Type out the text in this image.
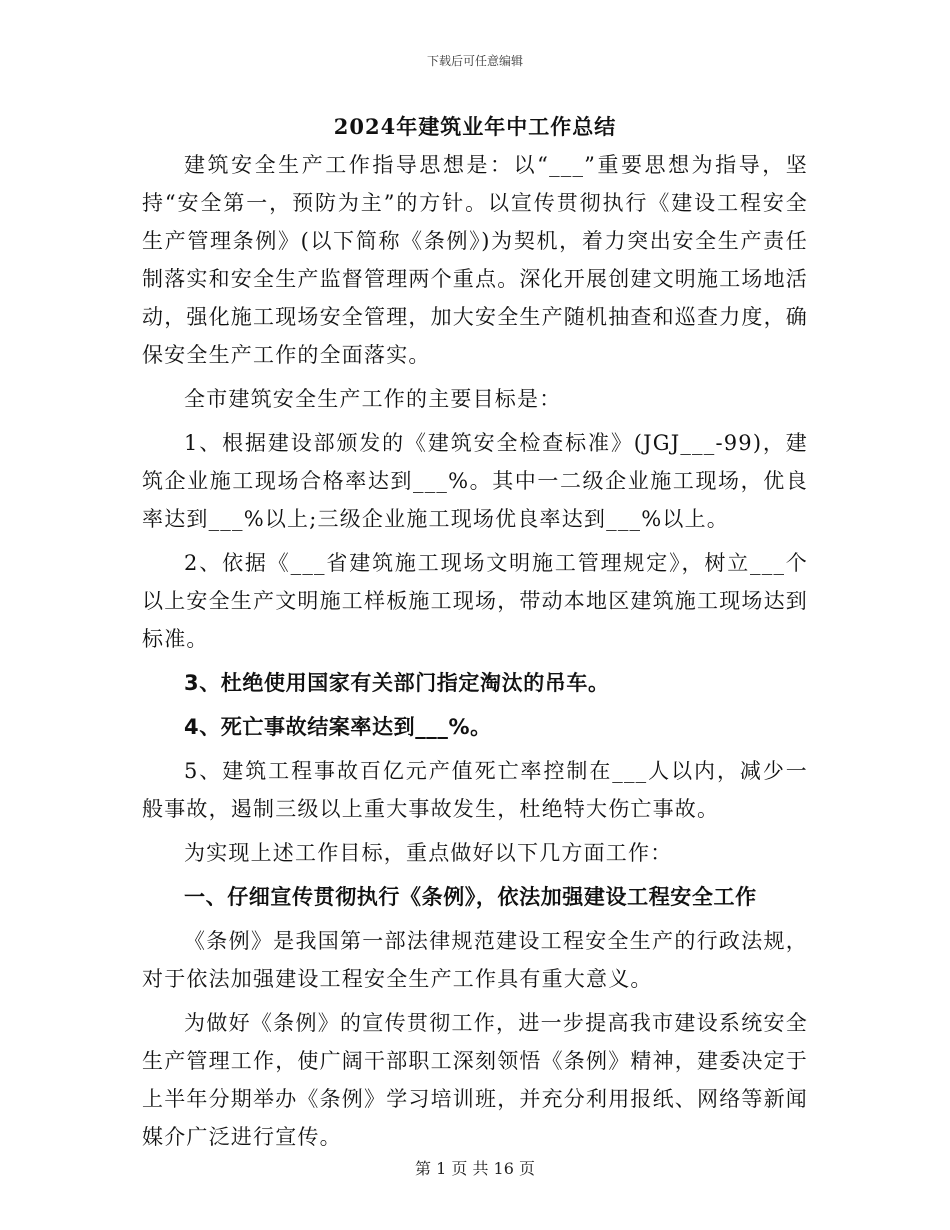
下载后可任意编辑
2024年建筑业年中工作总结

建筑安全生产工作指导思想是：以“___”重要思想为指导，坚持“安全第一，预防为主”的方针。以宣传贯彻执行《建设工程安全生产管理条例》(以下简称《条例》)为契机，着力突出安全生产责任制落实和安全生产监督管理两个重点。深化开展创建文明施工场地活动，强化施工现场安全管理，加大安全生产随机抽查和巡查力度，确保安全生产工作的全面落实。

全市建筑安全生产工作的主要目标是：

1、根据建设部颁发的《建筑安全检查标准》(JGJ___-99)，建筑企业施工现场合格率达到___%。其中一二级企业施工现场，优良率达到___%以上;三级企业施工现场优良率达到___%以上。

2、依据《___省建筑施工现场文明施工管理规定》，树立___个以上安全生产文明施工样板施工现场，带动本地区建筑施工现场达到标准。

3、杜绝使用国家有关部门指定淘汰的吊车。

4、死亡事故结案率达到___%。

5、建筑工程事故百亿元产值死亡率控制在___人以内，减少一般事故，遏制三级以上重大事故发生，杜绝特大伤亡事故。

为实现上述工作目标，重点做好以下几方面工作：

一、仔细宣传贯彻执行《条例》，依法加强建设工程安全工作

《条例》是我国第一部法律规范建设工程安全生产的行政法规，对于依法加强建设工程安全生产工作具有重大意义。

为做好《条例》的宣传贯彻工作，进一步提高我市建设系统安全生产管理工作，使广阔干部职工深刻领悟《条例》精神，建委决定于上半年分期举办《条例》学习培训班，并充分利用报纸、网络等新闻媒介广泛进行宣传。

第 1 页 共 16 页
